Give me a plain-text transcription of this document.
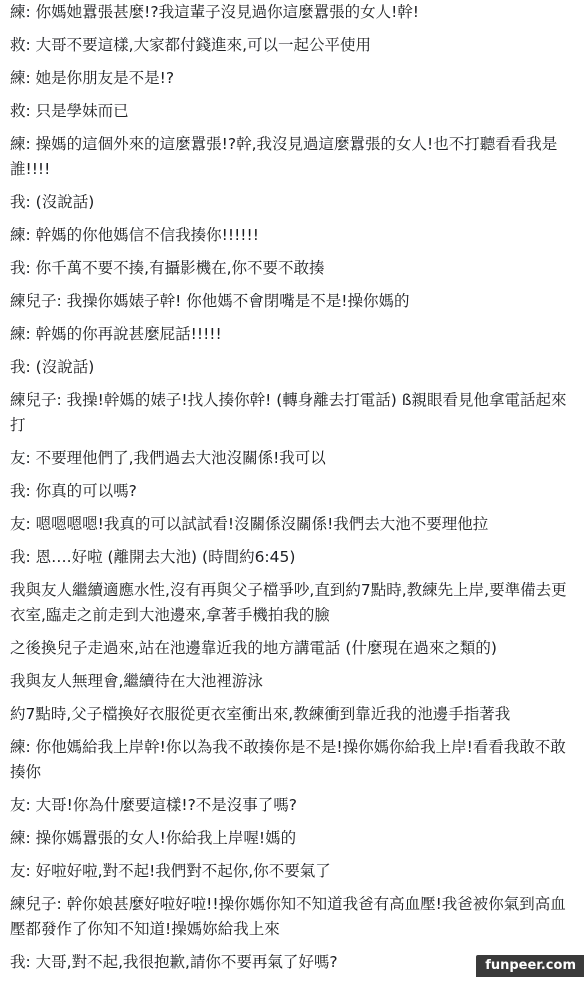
練: 你媽她囂張甚麼!?我這輩子沒見過你這麼囂張的女人!幹!
救: 大哥不要這樣,大家都付錢進來,可以一起公平使用
練: 她是你朋友是不是!?
救: 只是學妹而已
練: 操媽的這個外來的這麼囂張!?幹,我沒見過這麼囂張的女人!也不打聽看看我是誰!!!!
我: (沒說話)
練: 幹媽的你他媽信不信我揍你!!!!!!
我: 你千萬不要不揍,有攝影機在,你不要不敢揍
練兒子: 我操你媽婊子幹! 你他媽不會閉嘴是不是!操你媽的
練: 幹媽的你再說甚麼屁話!!!!!
我: (沒說話)
練兒子: 我操!幹媽的婊子!找人揍你幹! (轉身離去打電話) ß親眼看見他拿電話起來打
友: 不要理他們了,我們過去大池沒關係!我可以
我: 你真的可以嗎?
友: 嗯嗯嗯嗯!我真的可以試試看!沒關係沒關係!我們去大池不要理他拉
我: 恩….好啦 (離開去大池) (時間約6:45)
我與友人繼續適應水性,沒有再與父子檔爭吵,直到約7點時,教練先上岸,要準備去更衣室,臨走之前走到大池邊來,拿著手機拍我的臉
之後換兒子走過來,站在池邊靠近我的地方講電話 (什麼現在過來之類的)
我與友人無理會,繼續待在大池裡游泳
約7點時,父子檔換好衣服從更衣室衝出來,教練衝到靠近我的池邊手指著我
練: 你他媽給我上岸幹!你以為我不敢揍你是不是!操你媽你給我上岸!看看我敢不敢揍你
友: 大哥!你為什麼要這樣!?不是沒事了嗎?
練: 操你媽囂張的女人!你給我上岸喔!媽的
友: 好啦好啦,對不起!我們對不起你,你不要氣了
練兒子: 幹你娘甚麼好啦好啦!!操你媽你知不知道我爸有高血壓!我爸被你氣到高血壓都發作了你知不知道!操媽妳給我上來
我: 大哥,對不起,我很抱歉,請你不要再氣了好嗎?	funpeer.com
